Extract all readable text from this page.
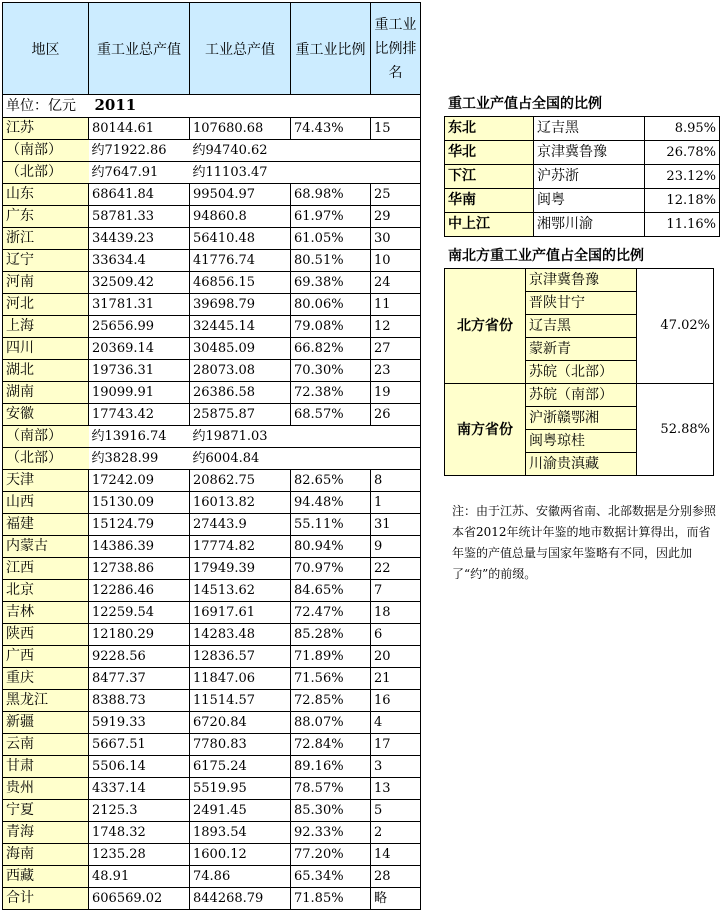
地区	重工业总产值	工业总产值	重工业比例	重工业比例排名
单位：亿元 2011				
江苏	80144.61	107680.68	74.43%	15
（南部）	约71922.86	约94740.62		
（北部）	约7647.91	约11103.47		
山东	68641.84	99504.97	68.98%	25
广东	58781.33	94860.8	61.97%	29
浙江	34439.23	56410.48	61.05%	30
辽宁	33634.4	41776.74	80.51%	10
河南	32509.42	46856.15	69.38%	24
河北	31781.31	39698.79	80.06%	11
上海	25656.99	32445.14	79.08%	12
四川	20369.14	30485.09	66.82%	27
湖北	19736.31	28073.08	70.30%	23
湖南	19099.91	26386.58	72.38%	19
安徽	17743.42	25875.87	68.57%	26
（南部）	约13916.74	约19871.03		
（北部）	约3828.99	约6004.84		
天津	17242.09	20862.75	82.65%	8
山西	15130.09	16013.82	94.48%	1
福建	15124.79	27443.9	55.11%	31
内蒙古	14386.39	17774.82	80.94%	9
江西	12738.86	17949.39	70.97%	22
北京	12286.46	14513.62	84.65%	7
吉林	12259.54	16917.61	72.47%	18
陕西	12180.29	14283.48	85.28%	6
广西	9228.56	12836.57	71.89%	20
重庆	8477.37	11847.06	71.56%	21
黑龙江	8388.73	11514.57	72.85%	16
新疆	5919.33	6720.84	88.07%	4
云南	5667.51	7780.83	72.84%	17
甘肃	5506.14	6175.24	89.16%	3
贵州	4337.14	5519.95	78.57%	13
宁夏	2125.3	2491.45	85.30%	5
青海	1748.32	1893.54	92.33%	2
海南	1235.28	1600.12	77.20%	14
西藏	48.91	74.86	65.34%	28
合计	606569.02	844268.79	71.85%	略
重工业产值占全国的比例
东北	辽吉黑	8.95%
华北	京津冀鲁豫	26.78%
下江	沪苏浙	23.12%
华南	闽粤	12.18%
中上江	湘鄂川渝	11.16%
南北方重工业产值占全国的比例
北方省份	京津冀鲁豫	47.02%
	晋陕甘宁	
	辽吉黑	
	蒙新青	
	苏皖（北部）	
南方省份	苏皖（南部）	52.88%
	沪浙赣鄂湘	
	闽粤琼桂	
	川渝贵滇藏	
注：由于江苏、安徽两省南、北部数据是分别参照本省2012年统计年鉴的地市数据计算得出，而省年鉴的产值总量与国家年鉴略有不同，因此加了“约”的前缀。
